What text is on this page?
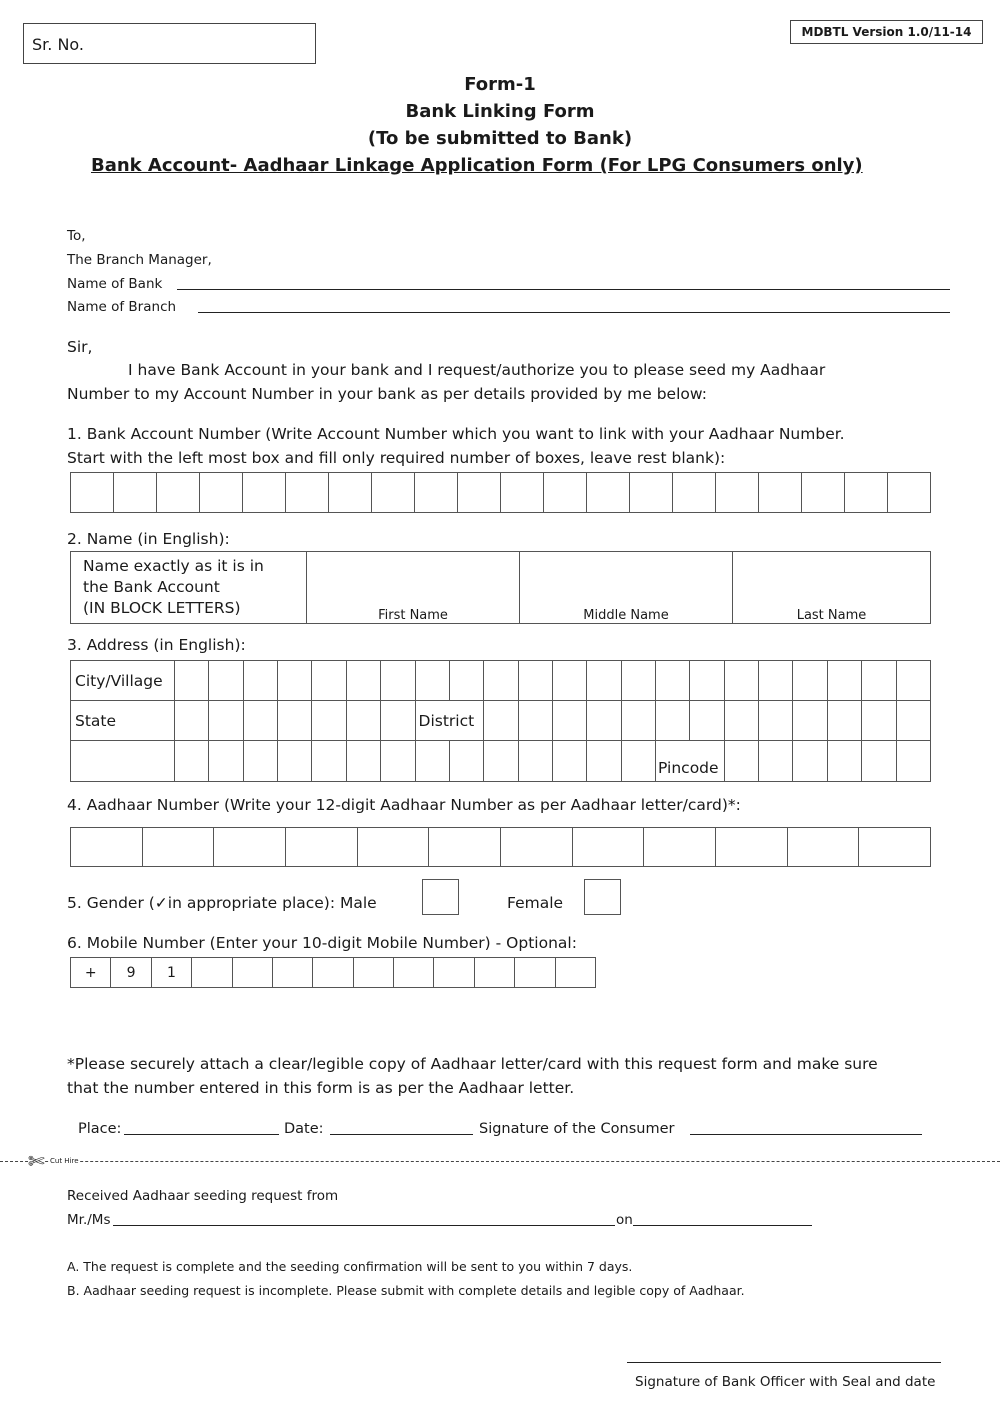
Sr. No.
MDBTL Version 1.0/11-14
Form-1
Bank Linking Form
(To be submitted to Bank)
Bank Account- Aadhaar Linkage Application Form (For LPG Consumers only)
To,
The Branch Manager,
Name of Bank
Name of Branch
Sir,
I have Bank Account in your bank and I request/authorize you to please seed my Aadhaar
Number to my Account Number in your bank as per details provided by me below:
1. Bank Account Number (Write Account Number which you want to link with your Aadhaar Number.
Start with the left most box and fill only required number of boxes, leave rest blank):

2. Name (in English):
Name exactly as it is in
the Bank Account
(IN BLOCK LETTERS)	First Name	Middle Name	Last Name
3. Address (in English):
City/Village																						
State								District														
															Pincode							
4. Aadhaar Number (Write your 12-digit Aadhaar Number as per Aadhaar letter/card)*:

5. Gender (✓in appropriate place): Male	Female
6. Mobile Number (Enter your 10-digit Mobile Number) - Optional:
+	9	1										
*Please securely attach a clear/legible copy of Aadhaar letter/card with this request form and make sure
that the number entered in this form is as per the Aadhaar letter.
Place:	Date:	Signature of the Consumer
✄ Cut Hire
Received Aadhaar seeding request from
Mr./Ms	on
A. The request is complete and the seeding confirmation will be sent to you within 7 days.
B. Aadhaar seeding request is incomplete. Please submit with complete details and legible copy of Aadhaar.
Signature of Bank Officer with Seal and date
